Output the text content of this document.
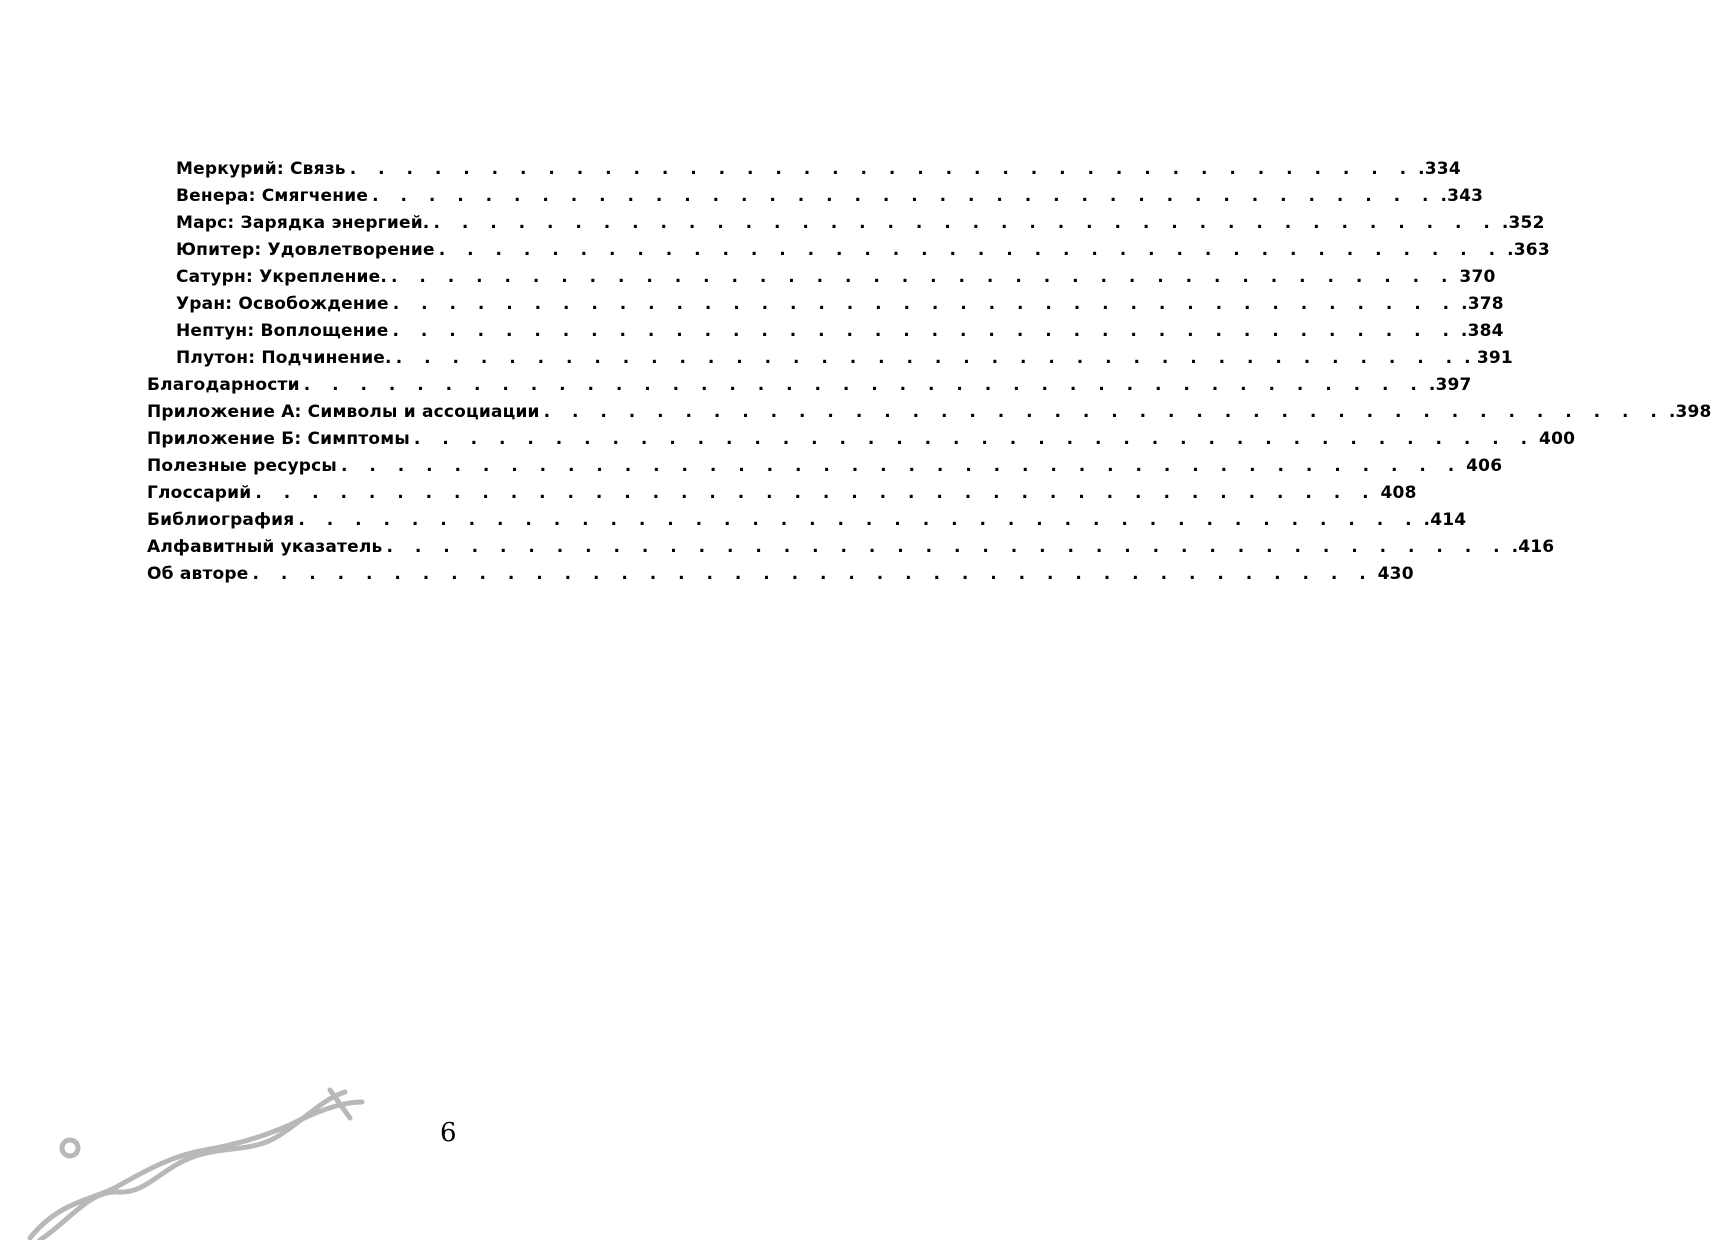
Меркурий: Связь . . . . . . . . . . . . . . . . . . . . . . . . . . . . . . . . . . . . . . .334
Венера: Смягчение . . . . . . . . . . . . . . . . . . . . . . . . . . . . . . . . . . . . . . .343
Марс: Зарядка энергией. . . . . . . . . . . . . . . . . . . . . . . . . . . . . . . . . . . . . . . .352
Юпитер: Удовлетворение . . . . . . . . . . . . . . . . . . . . . . . . . . . . . . . . . . . . . . .363
Сатурн: Укрепление. . . . . . . . . . . . . . . . . . . . . . . . . . . . . . . . . . . . . . . 370
Уран: Освобождение . . . . . . . . . . . . . . . . . . . . . . . . . . . . . . . . . . . . . . .378
Нептун: Воплощение . . . . . . . . . . . . . . . . . . . . . . . . . . . . . . . . . . . . . . .384
Плутон: Подчинение. . . . . . . . . . . . . . . . . . . . . . . . . . . . . . . . . . . . . . . . 391
Благодарности . . . . . . . . . . . . . . . . . . . . . . . . . . . . . . . . . . . . . . . . .397
Приложение А: Символы и ассоциации . . . . . . . . . . . . . . . . . . . . . . . . . . . . . . . . . . . . . . . . .398
Приложение Б: Симптомы . . . . . . . . . . . . . . . . . . . . . . . . . . . . . . . . . . . . . . . . 400
Полезные ресурсы . . . . . . . . . . . . . . . . . . . . . . . . . . . . . . . . . . . . . . . . 406
Глоссарий . . . . . . . . . . . . . . . . . . . . . . . . . . . . . . . . . . . . . . . . 408
Библиография . . . . . . . . . . . . . . . . . . . . . . . . . . . . . . . . . . . . . . . . .414
Алфавитный указатель . . . . . . . . . . . . . . . . . . . . . . . . . . . . . . . . . . . . . . . . .416
Об авторе . . . . . . . . . . . . . . . . . . . . . . . . . . . . . . . . . . . . . . . . 430
6
